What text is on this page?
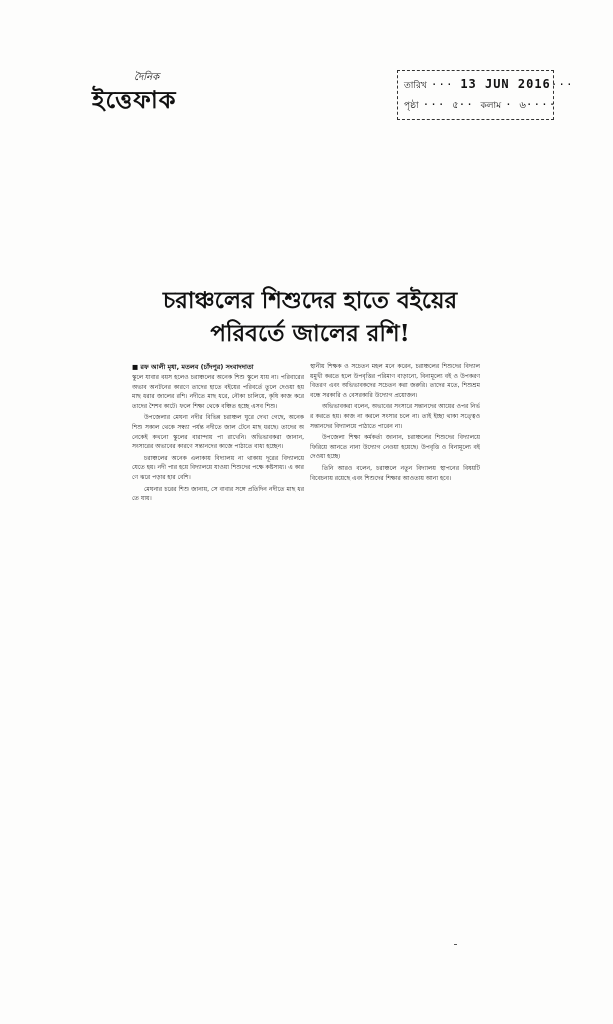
দৈনিক
ইত্তেফাক	তারিখ ··· 13 JUN 2016···
পৃষ্ঠা ··· ৫·· কলাম · ৬····
চরাঞ্চলের শিশুদের হাতে বইয়ের
পরিবর্তে জালের রশি!
■ রফ আলী মৃধা, মতলব (চাঁদপুর) সংবাদদাতা

স্কুলে যাবার বয়স হলেও চরাঞ্চলের অনেক শিশু স্কুলে যায় না। পরিবারের অভাব অনটনের কারণে তাদের হাতে বইয়ের পরিবর্তে তুলে দেওয়া হয় মাছ ধরার জালের রশি। নদীতে মাছ ধরে, নৌকা চালিয়ে, কৃষি কাজ করে তাদের শৈশব কাটে। ফলে শিক্ষা থেকে বঞ্চিত হচ্ছে এসব শিশু।

উপজেলার মেঘনা নদীর বিভিন্ন চরাঞ্চল ঘুরে দেখা গেছে, অনেক শিশু সকাল থেকে সন্ধ্যা পর্যন্ত নদীতে জাল টেনে মাছ ধরছে। তাদের অনেকেই কখনো স্কুলের বারান্দায় পা রাখেনি। অভিভাবকরা জানান, সংসারের অভাবের কারণে সন্তানদের কাজে পাঠাতে বাধ্য হচ্ছেন।

চরাঞ্চলের অনেক এলাকায় বিদ্যালয় না থাকায় দূরের বিদ্যালয়ে যেতে হয়। নদী পার হয়ে বিদ্যালয়ে যাওয়া শিশুদের পক্ষে কষ্টসাধ্য। এ কারণে ঝরে পড়ার হার বেশি।

মেঘনার চরের শিশু জানায়, সে বাবার সঙ্গে প্রতিদিন নদীতে মাছ ধরতে যায়।

স্থানীয় শিক্ষক ও সচেতন মহল মনে করেন, চরাঞ্চলের শিশুদের বিদ্যালয়মুখী করতে হলে উপবৃত্তির পরিমাণ বাড়ানো, বিনামূল্যে বই ও উপকরণ বিতরণ এবং অভিভাবকদের সচেতন করা জরুরি। তাদের মতে, শিশুশ্রম বন্ধে সরকারি ও বেসরকারি উদ্যোগ প্রয়োজন।

অভিভাবকরা বলেন, অভাবের সংসারে সন্তানদের আয়ের ওপর নির্ভর করতে হয়। কাজ না করলে সংসার চলে না। তাই ইচ্ছা থাকা সত্ত্বেও সন্তানদের বিদ্যালয়ে পাঠাতে পারেন না।

উপজেলা শিক্ষা কর্মকর্তা জানান, চরাঞ্চলের শিশুদের বিদ্যালয়ে ফিরিয়ে আনতে নানা উদ্যোগ নেওয়া হয়েছে। উপবৃত্তি ও বিনামূল্যে বই দেওয়া হচ্ছে।

তিনি আরও বলেন, চরাঞ্চলে নতুন বিদ্যালয় স্থাপনের বিষয়টি বিবেচনায় রয়েছে এবং শিশুদের শিক্ষার আওতায় আনা হবে।
